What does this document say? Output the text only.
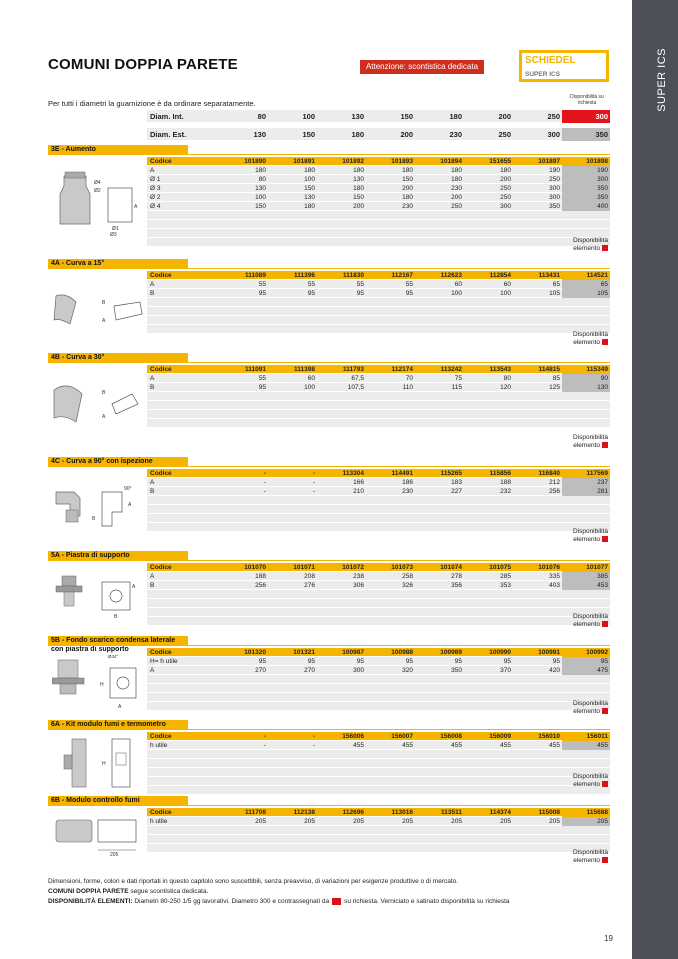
SUPER ICS
COMUNI DOPPIA PARETE	Attenzione: scontistica dedicata
SCHIEDEL
SUPER ICS
Per tutti i diametri la guarnizione è da ordinare separatamente.
Disponibilità su richiesta
Diam. Int.	80	100	130	150	180	200	250	300
Diam. Est.	130	150	180	200	230	250	300	350
3E - Aumento
Codice	101890	101891	101892	101893	101894	151655	101897	101898
A	180	180	180	180	180	180	190	190
Ø 1	80	100	130	150	180	200	250	300
Ø 3	130	150	180	200	230	250	300	350
Ø 2	100	130	150	180	200	250	300	350
Ø 4	150	180	200	230	250	300	350	400
Disponibilità
elemento
4A - Curva a 15°
Codice	111089	111396	111830	112167	112623	112854	113431	114521
A	55	55	55	55	60	60	65	65
B	95	95	95	95	100	100	105	105
Disponibilità
elemento
4B - Curva a 30°
Codice	111091	111398	111793	112174	113242	113543	114815	115349
A	55	60	67,5	70	75	80	85	90
B	95	100	107,5	110	115	120	125	130
Disponibilità
elemento
4C - Curva a 90° con ispezione
Codice	-	-	113304	114491	115265	115856	116840	117569
A	-	-	166	186	183	188	212	237
B	-	-	210	230	227	232	256	281
Disponibilità
elemento
5A - Piastra di supporto
Codice	101070	101071	101072	101073	101074	101075	101076	101077
A	188	208	238	258	278	285	335	385
B	256	276	306	326	356	353	403	453
Disponibilità
elemento
5B - Fondo scarico condensa laterale con piastra di supporto	Codice	101320	101321	100987	100988	100989	100990	100991	100992
H= h utile	95	95	95	95	95	95	95	95
A	270	270	300	320	350	370	420	475
Disponibilità
elemento
6A - Kit modulo fumi e termometro
Codice	-	-	156006	156007	156008	156009	156010	156011
h utile	-	-	455	455	455	455	455	455
Disponibilità
elemento
6B - Modulo controllo fumi
Codice	111708	112138	112696	113016	113511	114374	115008	115688
h utile	205	205	205	205	205	205	205	205
Disponibilità
elemento
Ø4
Ø2
A
Ø1
Ø3
B
A
B
A
90°
A
B
A
B
Ø34°
H
A
H
205
Dimensioni, forme, colori e dati riportati in questo capitolo sono suscettibili, senza preavviso, di variazioni per esigenze produttive o di mercato.
COMUNI DOPPIA PARETE segue scontistica dedicata.
DISPONIBILITÀ ELEMENTI: Diametri 80-250 1/5 gg lavorativi. Diametro 300 e contrassegnati da su richiesta. Verniciato e satinato disponibilità su richiesta
19
